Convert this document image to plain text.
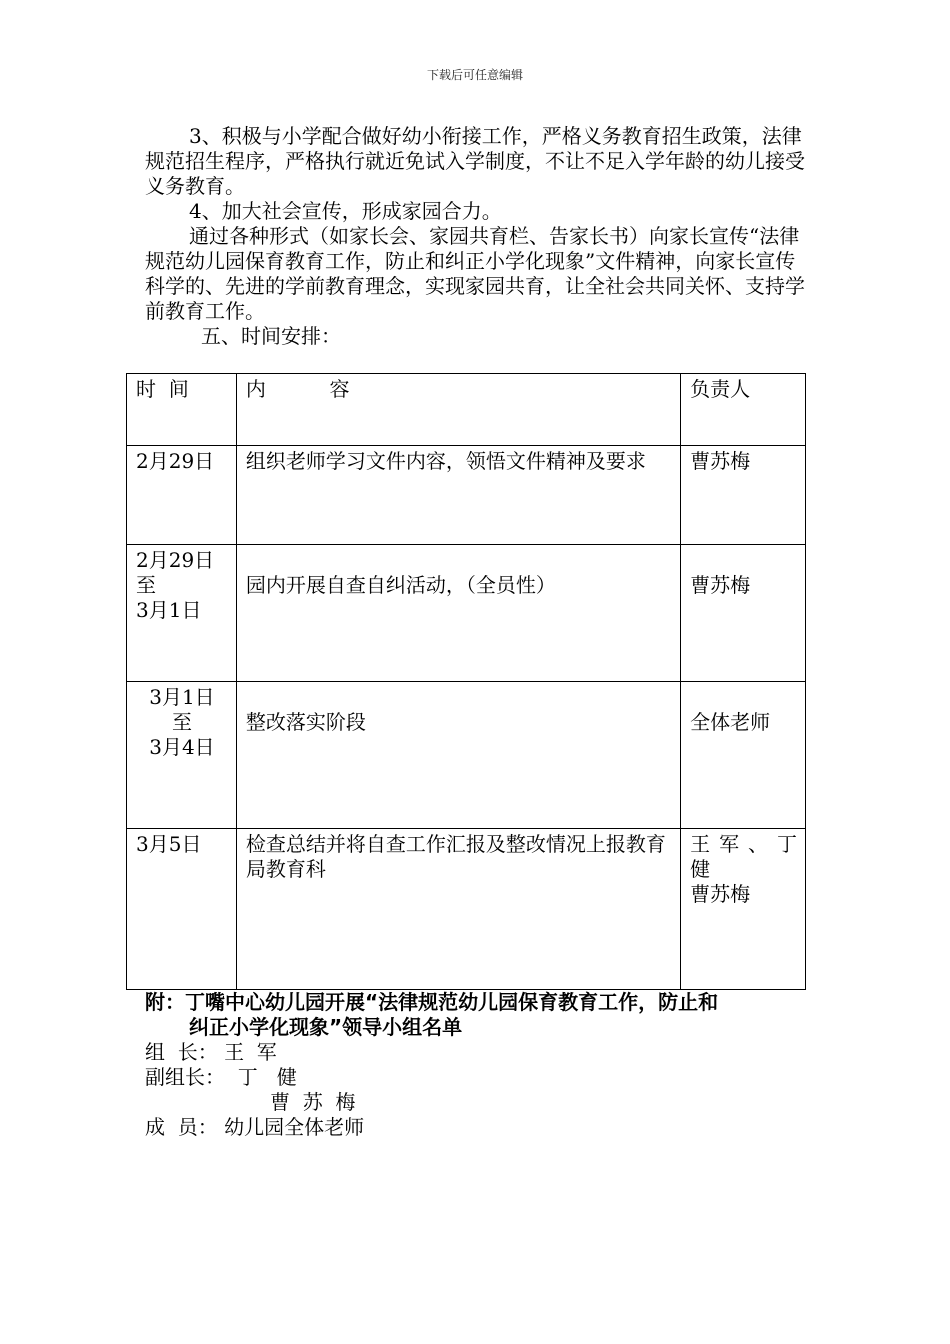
下载后可任意编辑

3、积极与小学配合做好幼小衔接工作，严格义务教育招生政策，法律规范招生程序，严格执行就近免试入学制度，不让不足入学年龄的幼儿接受义务教育。

4、加大社会宣传，形成家园合力。

通过各种形式（如家长会、家园共育栏、告家长书）向家长宣传“法律规范幼儿园保育教育工作，防止和纠正小学化现象”文件精神，向家长宣传科学的、先进的学前教育理念，实现家园共育，让全社会共同关怀、支持学前教育工作。

五、时间安排：

时  间	内          容	负责人

2月29日	组织老师学习文件内容，领悟文件精神及要求	曹苏梅

2月29日
至
3月1日	园内开展自查自纠活动，（全员性）	曹苏梅

3月1日
至
3月4日	整改落实阶段	全体老师

3月5日	检查总结并将自查工作汇报及整改情况上报教育局教育科	王 军 、 丁健
曹苏梅

附：丁嘴中心幼儿园开展“法律规范幼儿园保育教育工作，防止和
纠正小学化现象”领导小组名单

组  长： 王  军

副组长： 丁   健

曹  苏  梅

成  员： 幼儿园全体老师
